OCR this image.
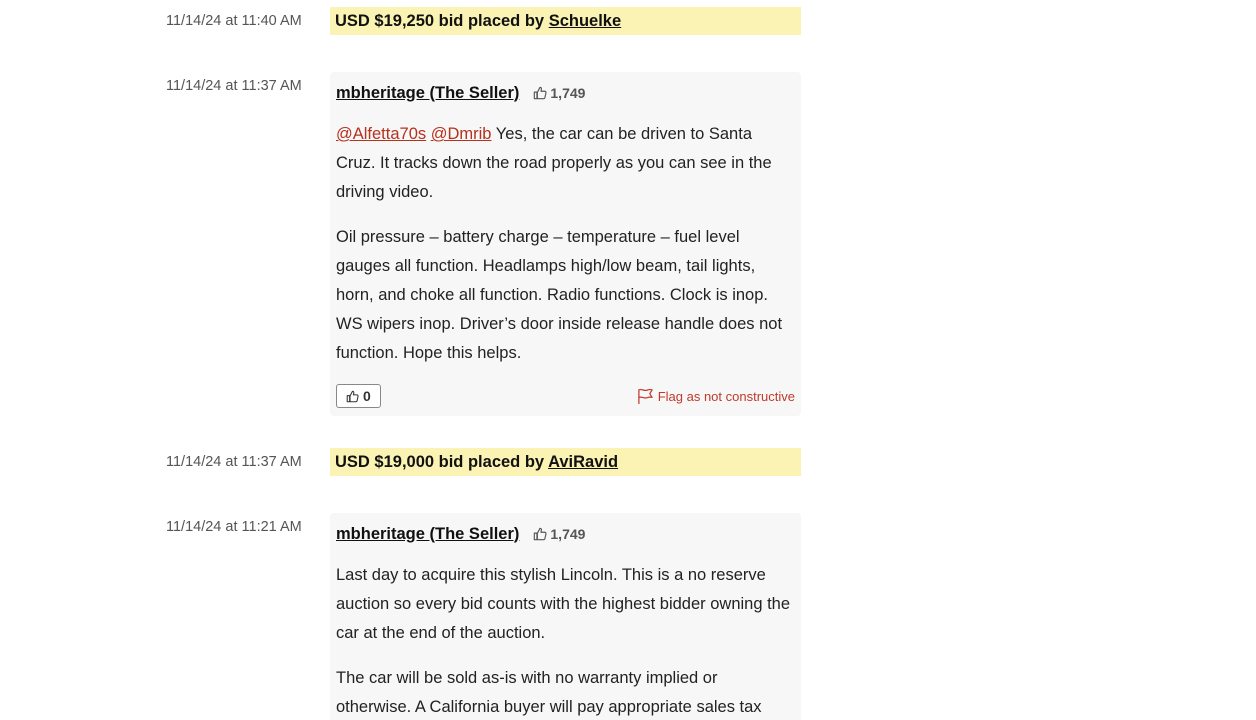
11/14/24 at 11:40 AM	USD $19,250 bid placed by Schuelke
11/14/24 at 11:37 AM	mbheritage (The Seller) 1,749

@Alfetta70s @Dmrib Yes, the car can be driven to Santa Cruz. It tracks down the road properly as you can see in the driving video.

Oil pressure – battery charge – temperature – fuel level gauges all function. Headlamps high/low beam, tail lights, horn, and choke all function. Radio functions. Clock is inop. WS wipers inop. Driver’s door inside release handle does not function. Hope this helps.

0	Flag as not constructive
11/14/24 at 11:37 AM	USD $19,000 bid placed by AviRavid
11/14/24 at 11:21 AM	mbheritage (The Seller) 1,749

Last day to acquire this stylish Lincoln. This is a no reserve auction so every bid counts with the highest bidder owning the car at the end of the auction.

The car will be sold as-is with no warranty implied or otherwise. A California buyer will pay appropriate sales tax
